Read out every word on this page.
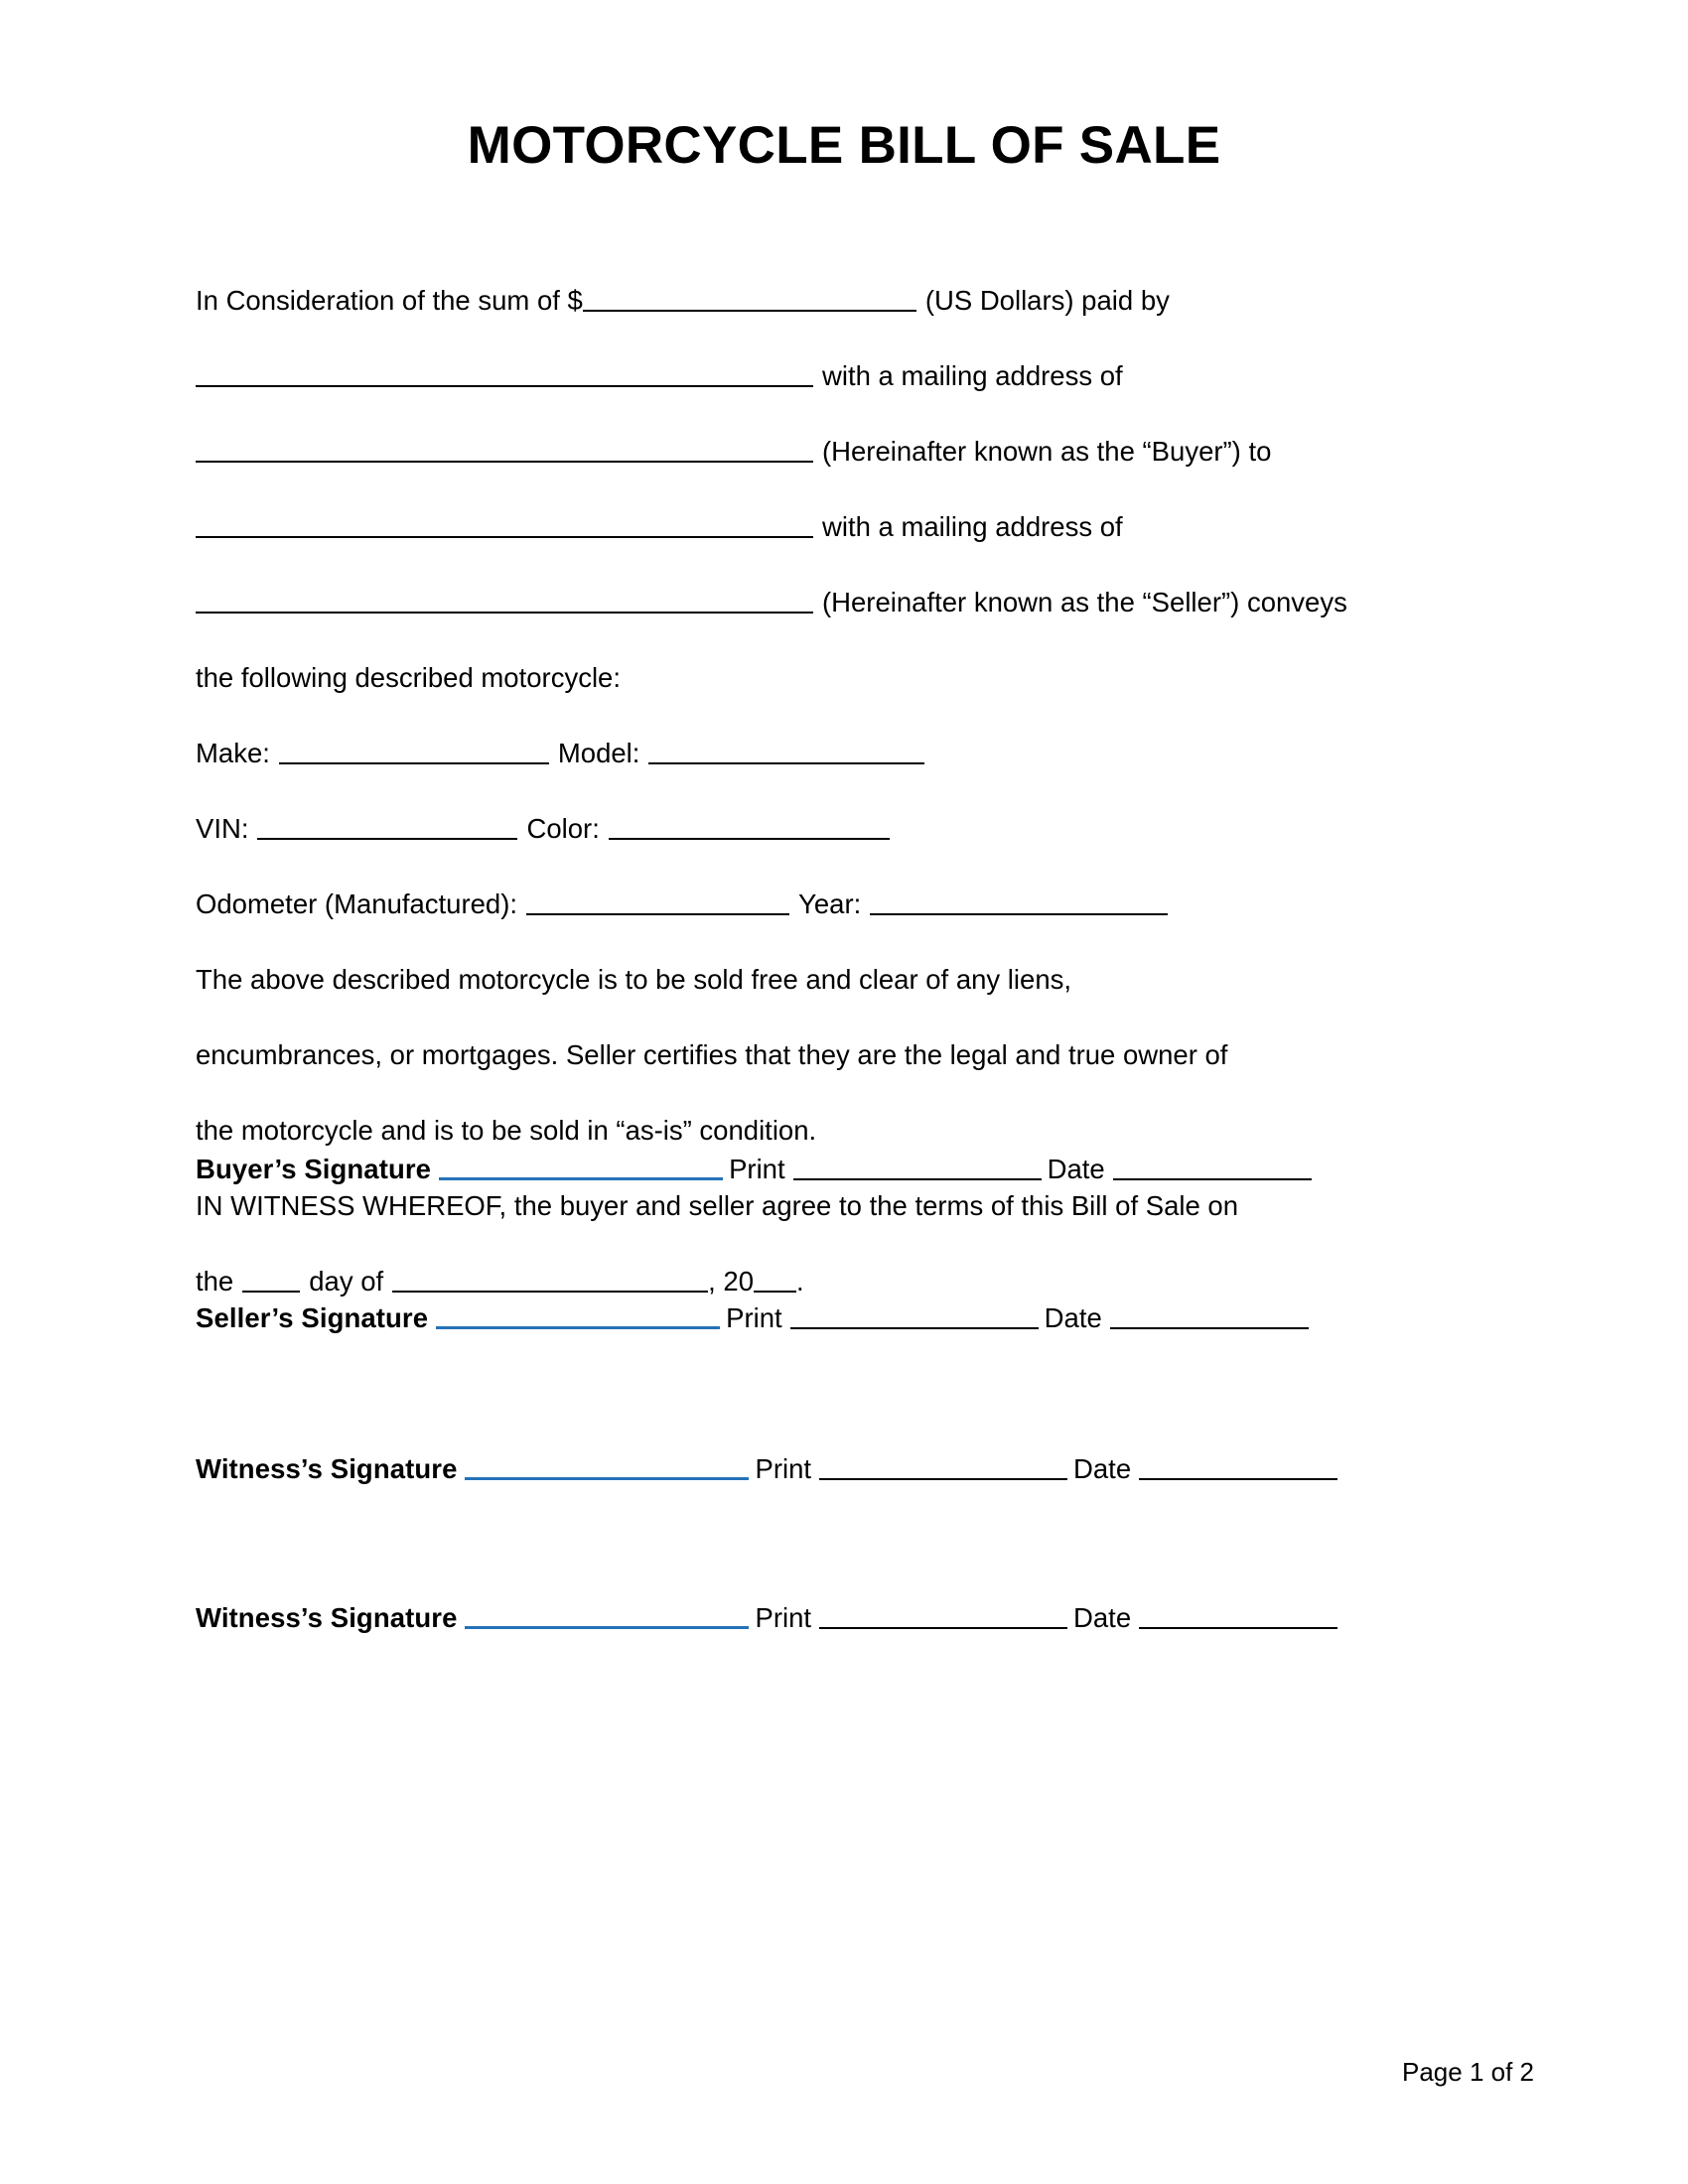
MOTORCYCLE BILL OF SALE
In Consideration of the sum of $	(US Dollars) paid by
with a mailing address of
(Hereinafter known as the “Buyer”) to
with a mailing address of
(Hereinafter known as the “Seller”) conveys
the following described motorcycle:
Make:	Model:
VIN:	Color:
Odometer (Manufactured):	Year:
The above described motorcycle is to be sold free and clear of any liens,
encumbrances, or mortgages. Seller certifies that they are the legal and true owner of
the motorcycle and is to be sold in “as-is” condition.
IN WITNESS WHEREOF, the buyer and seller agree to the terms of this Bill of Sale on
the	day of	, 20 .
Buyer’s Signature	Print	Date
Seller’s Signature	Print	Date
Witness’s Signature	Print	Date
Witness’s Signature	Print	Date
Page 1 of 2
